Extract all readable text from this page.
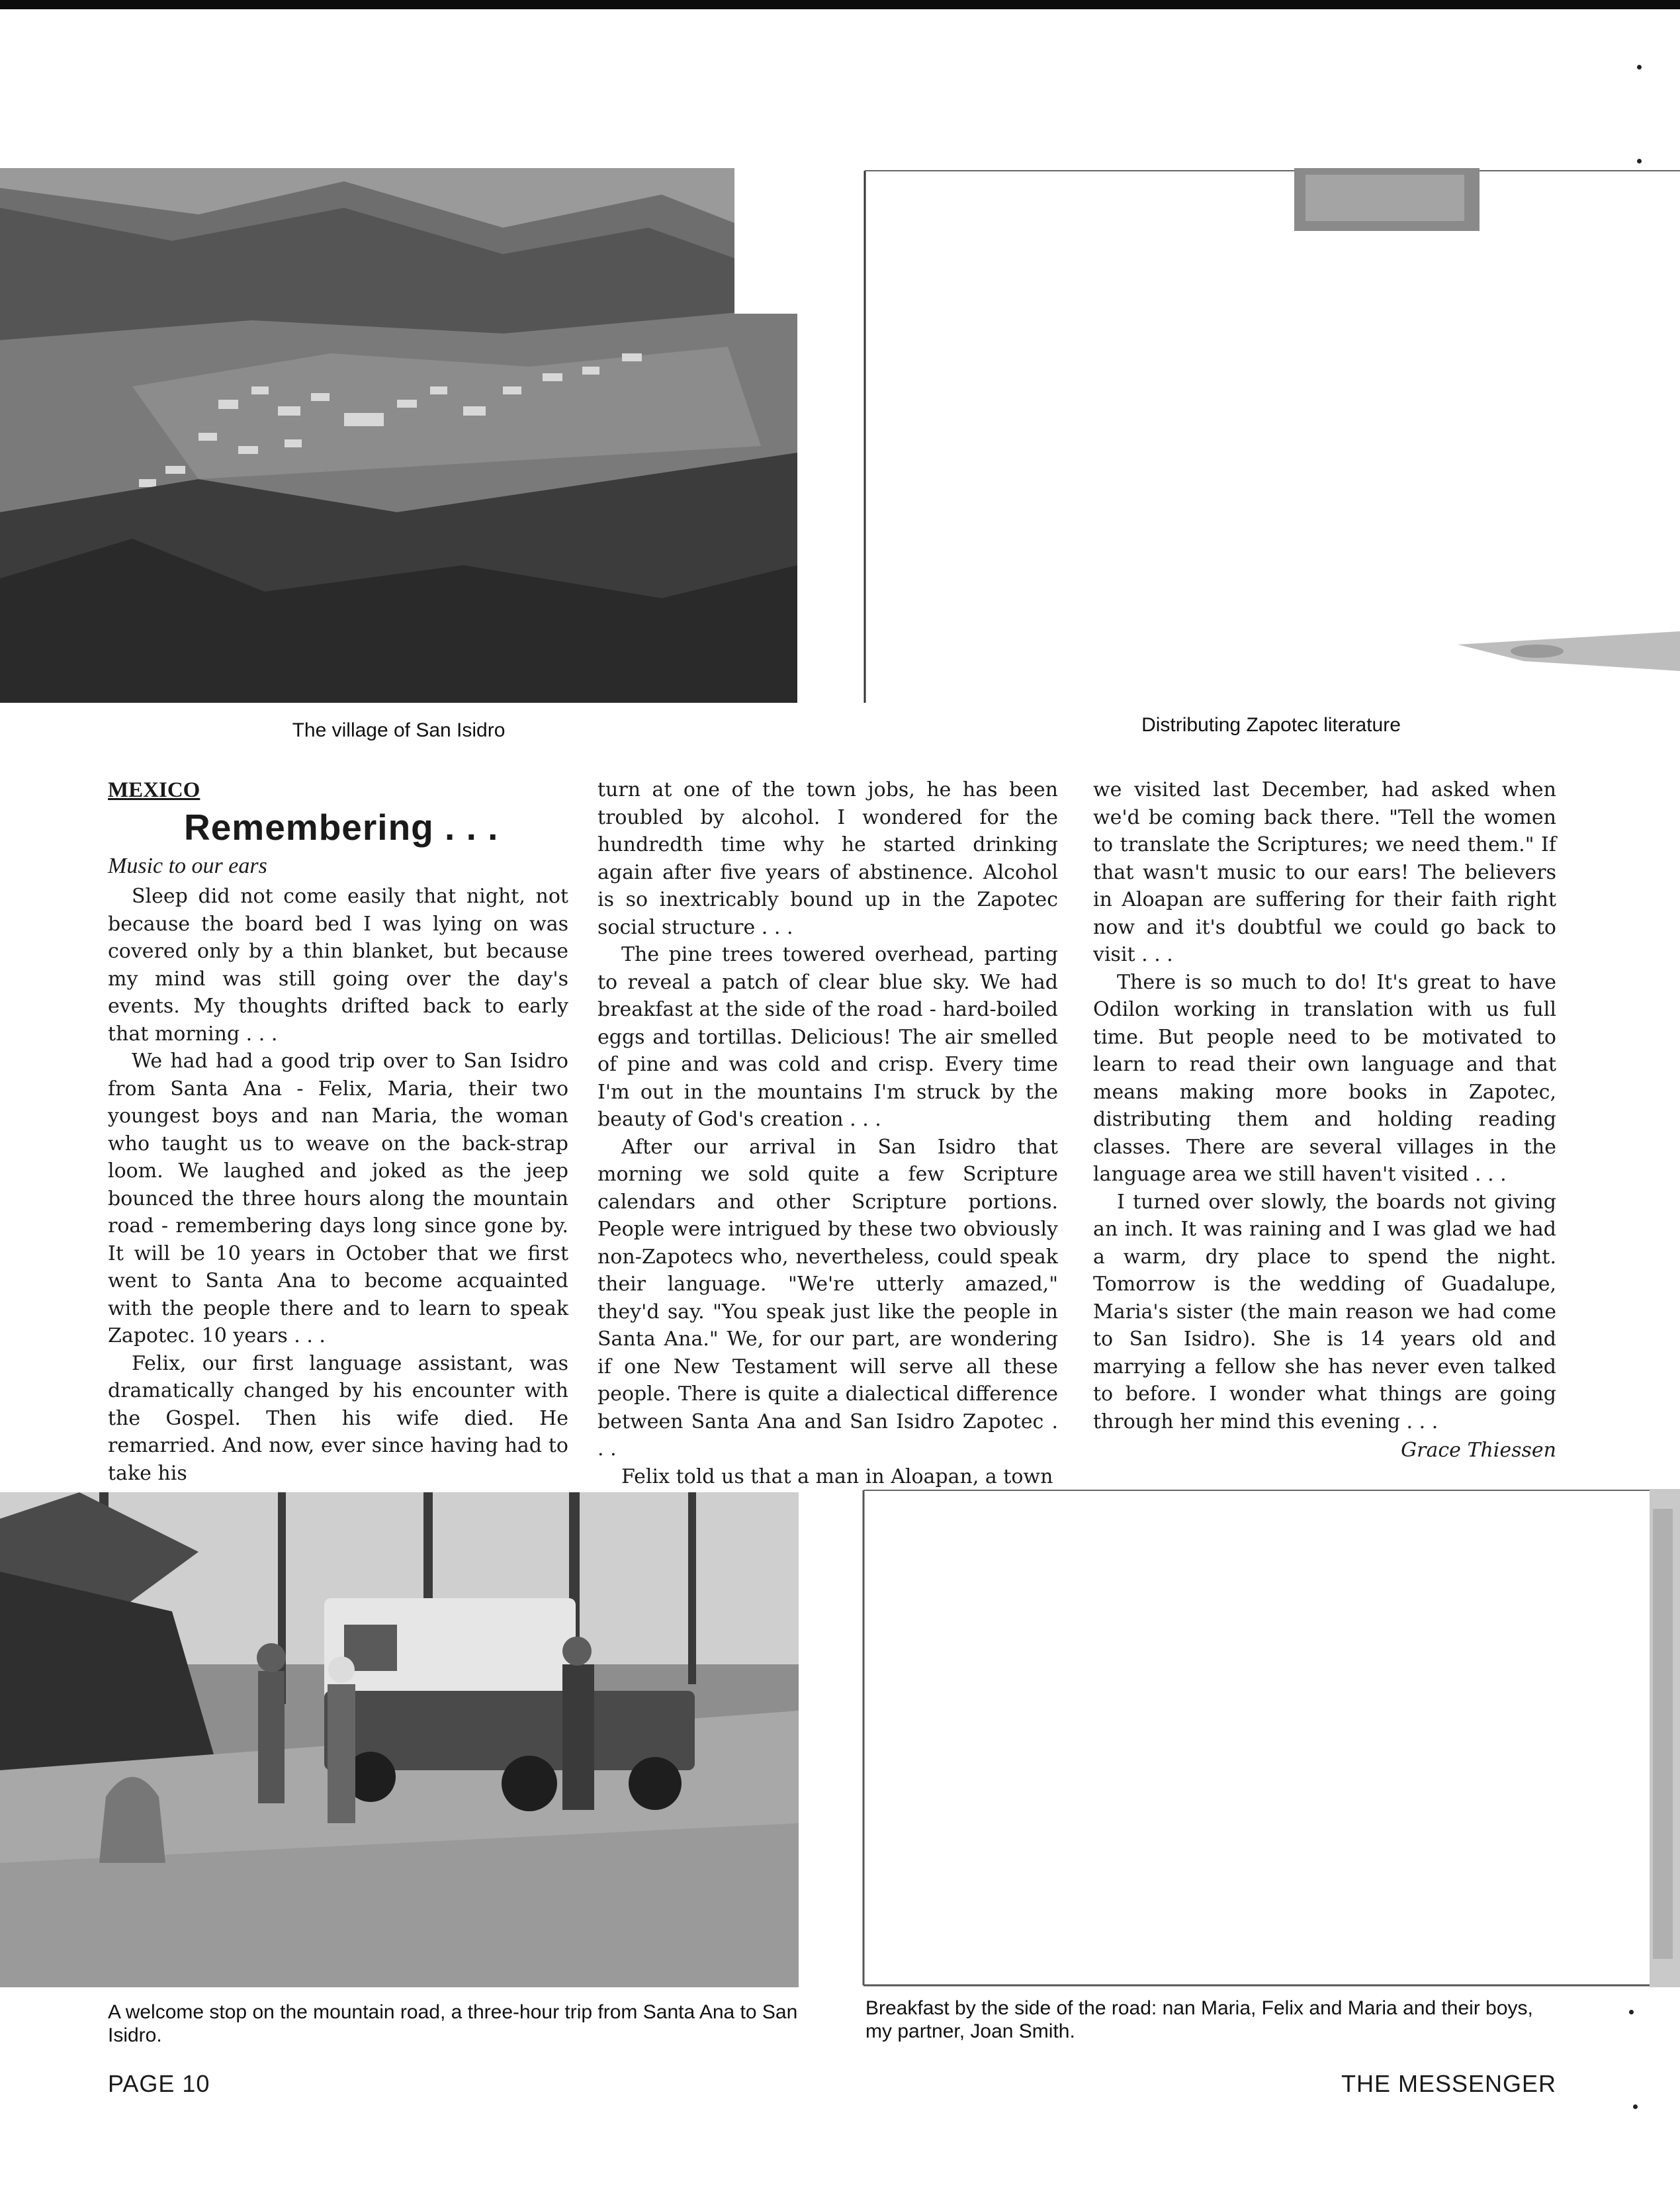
The village of San Isidro	Distributing Zapotec literature
MEXICO
Remembering . . .
Music to our ears

Sleep did not come easily that night, not because the board bed I was lying on was covered only by a thin blanket, but because my mind was still going over the day's events. My thoughts drifted back to early that morning . . .

We had had a good trip over to San Isidro from Santa Ana - Felix, Maria, their two youngest boys and nan Maria, the woman who taught us to weave on the back-strap loom. We laughed and joked as the jeep bounced the three hours along the mountain road - remembering days long since gone by. It will be 10 years in October that we first went to Santa Ana to become acquainted with the people there and to learn to speak Zapotec. 10 years . . .

Felix, our first language assistant, was dramatically changed by his encounter with the Gospel. Then his wife died. He remarried. And now, ever since having had to take his

turn at one of the town jobs, he has been troubled by alcohol. I wondered for the hundredth time why he started drinking again after five years of abstinence. Alcohol is so inextricably bound up in the Zapotec social structure . . .

The pine trees towered overhead, parting to reveal a patch of clear blue sky. We had breakfast at the side of the road - hard-boiled eggs and tortillas. Delicious! The air smelled of pine and was cold and crisp. Every time I'm out in the mountains I'm struck by the beauty of God's creation . . .

After our arrival in San Isidro that morning we sold quite a few Scripture calendars and other Scripture portions. People were intrigued by these two obviously non-Zapotecs who, nevertheless, could speak their language. "We're utterly amazed," they'd say. "You speak just like the people in Santa Ana." We, for our part, are wondering if one New Testament will serve all these people. There is quite a dialectical difference between Santa Ana and San Isidro Zapotec . . .

Felix told us that a man in Aloapan, a town

we visited last December, had asked when we'd be coming back there. "Tell the women to translate the Scriptures; we need them." If that wasn't music to our ears! The believers in Aloapan are suffering for their faith right now and it's doubtful we could go back to visit . . .

There is so much to do! It's great to have Odilon working in translation with us full time. But people need to be motivated to learn to read their own language and that means making more books in Zapotec, distributing them and holding reading classes. There are several villages in the language area we still haven't visited . . .

I turned over slowly, the boards not giving an inch. It was raining and I was glad we had a warm, dry place to spend the night. Tomorrow is the wedding of Guadalupe, Maria's sister (the main reason we had come to San Isidro). She is 14 years old and marrying a fellow she has never even talked to before. I wonder what things are going through her mind this evening . . .

Grace Thiessen
A welcome stop on the mountain road, a three-hour trip from Santa Ana to San Isidro.
Breakfast by the side of the road: nan Maria, Felix and Maria and their boys, my partner, Joan Smith.
PAGE 10	THE MESSENGER
